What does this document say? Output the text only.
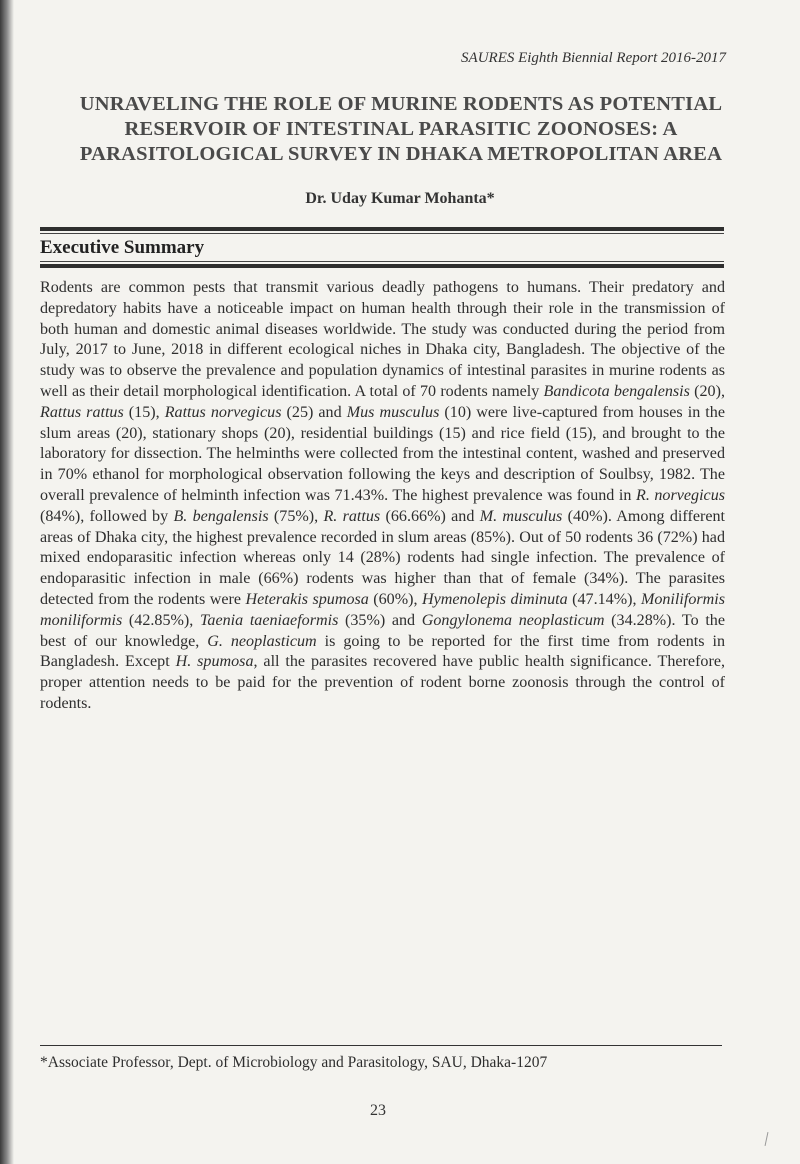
SAURES Eighth Biennial Report 2016-2017
UNRAVELING THE ROLE OF MURINE RODENTS AS POTENTIAL RESERVOIR OF INTESTINAL PARASITIC ZOONOSES: A PARASITOLOGICAL SURVEY IN DHAKA METROPOLITAN AREA
Dr. Uday Kumar Mohanta*
Executive Summary

Rodents are common pests that transmit various deadly pathogens to humans. Their predatory and depredatory habits have a noticeable impact on human health through their role in the transmission of both human and domestic animal diseases worldwide. The study was conducted during the period from July, 2017 to June, 2018 in different ecological niches in Dhaka city, Bangladesh. The objective of the study was to observe the prevalence and population dynamics of intestinal parasites in murine rodents as well as their detail morphological identification. A total of 70 rodents namely Bandicota bengalensis (20), Rattus rattus (15), Rattus norvegicus (25) and Mus musculus (10) were live-captured from houses in the slum areas (20), stationary shops (20), residential buildings (15) and rice field (15), and brought to the laboratory for dissection. The helminths were collected from the intestinal content, washed and preserved in 70% ethanol for morphological observation following the keys and description of Soulbsy, 1982. The overall prevalence of helminth infection was 71.43%. The highest prevalence was found in R. norvegicus (84%), followed by B. bengalensis (75%), R. rattus (66.66%) and M. musculus (40%). Among different areas of Dhaka city, the highest prevalence recorded in slum areas (85%). Out of 50 rodents 36 (72%) had mixed endoparasitic infection whereas only 14 (28%) rodents had single infection. The prevalence of endoparasitic infection in male (66%) rodents was higher than that of female (34%). The parasites detected from the rodents were Heterakis spumosa (60%), Hymenolepis diminuta (47.14%), Moniliformis moniliformis (42.85%), Taenia taeniaeformis (35%) and Gongylonema neoplasticum (34.28%). To the best of our knowledge, G. neoplasticum is going to be reported for the first time from rodents in Bangladesh. Except H. spumosa, all the parasites recovered have public health significance. Therefore, proper attention needs to be paid for the prevention of rodent borne zoonosis through the control of rodents.

*Associate Professor, Dept. of Microbiology and Parasitology, SAU, Dhaka-1207
23
